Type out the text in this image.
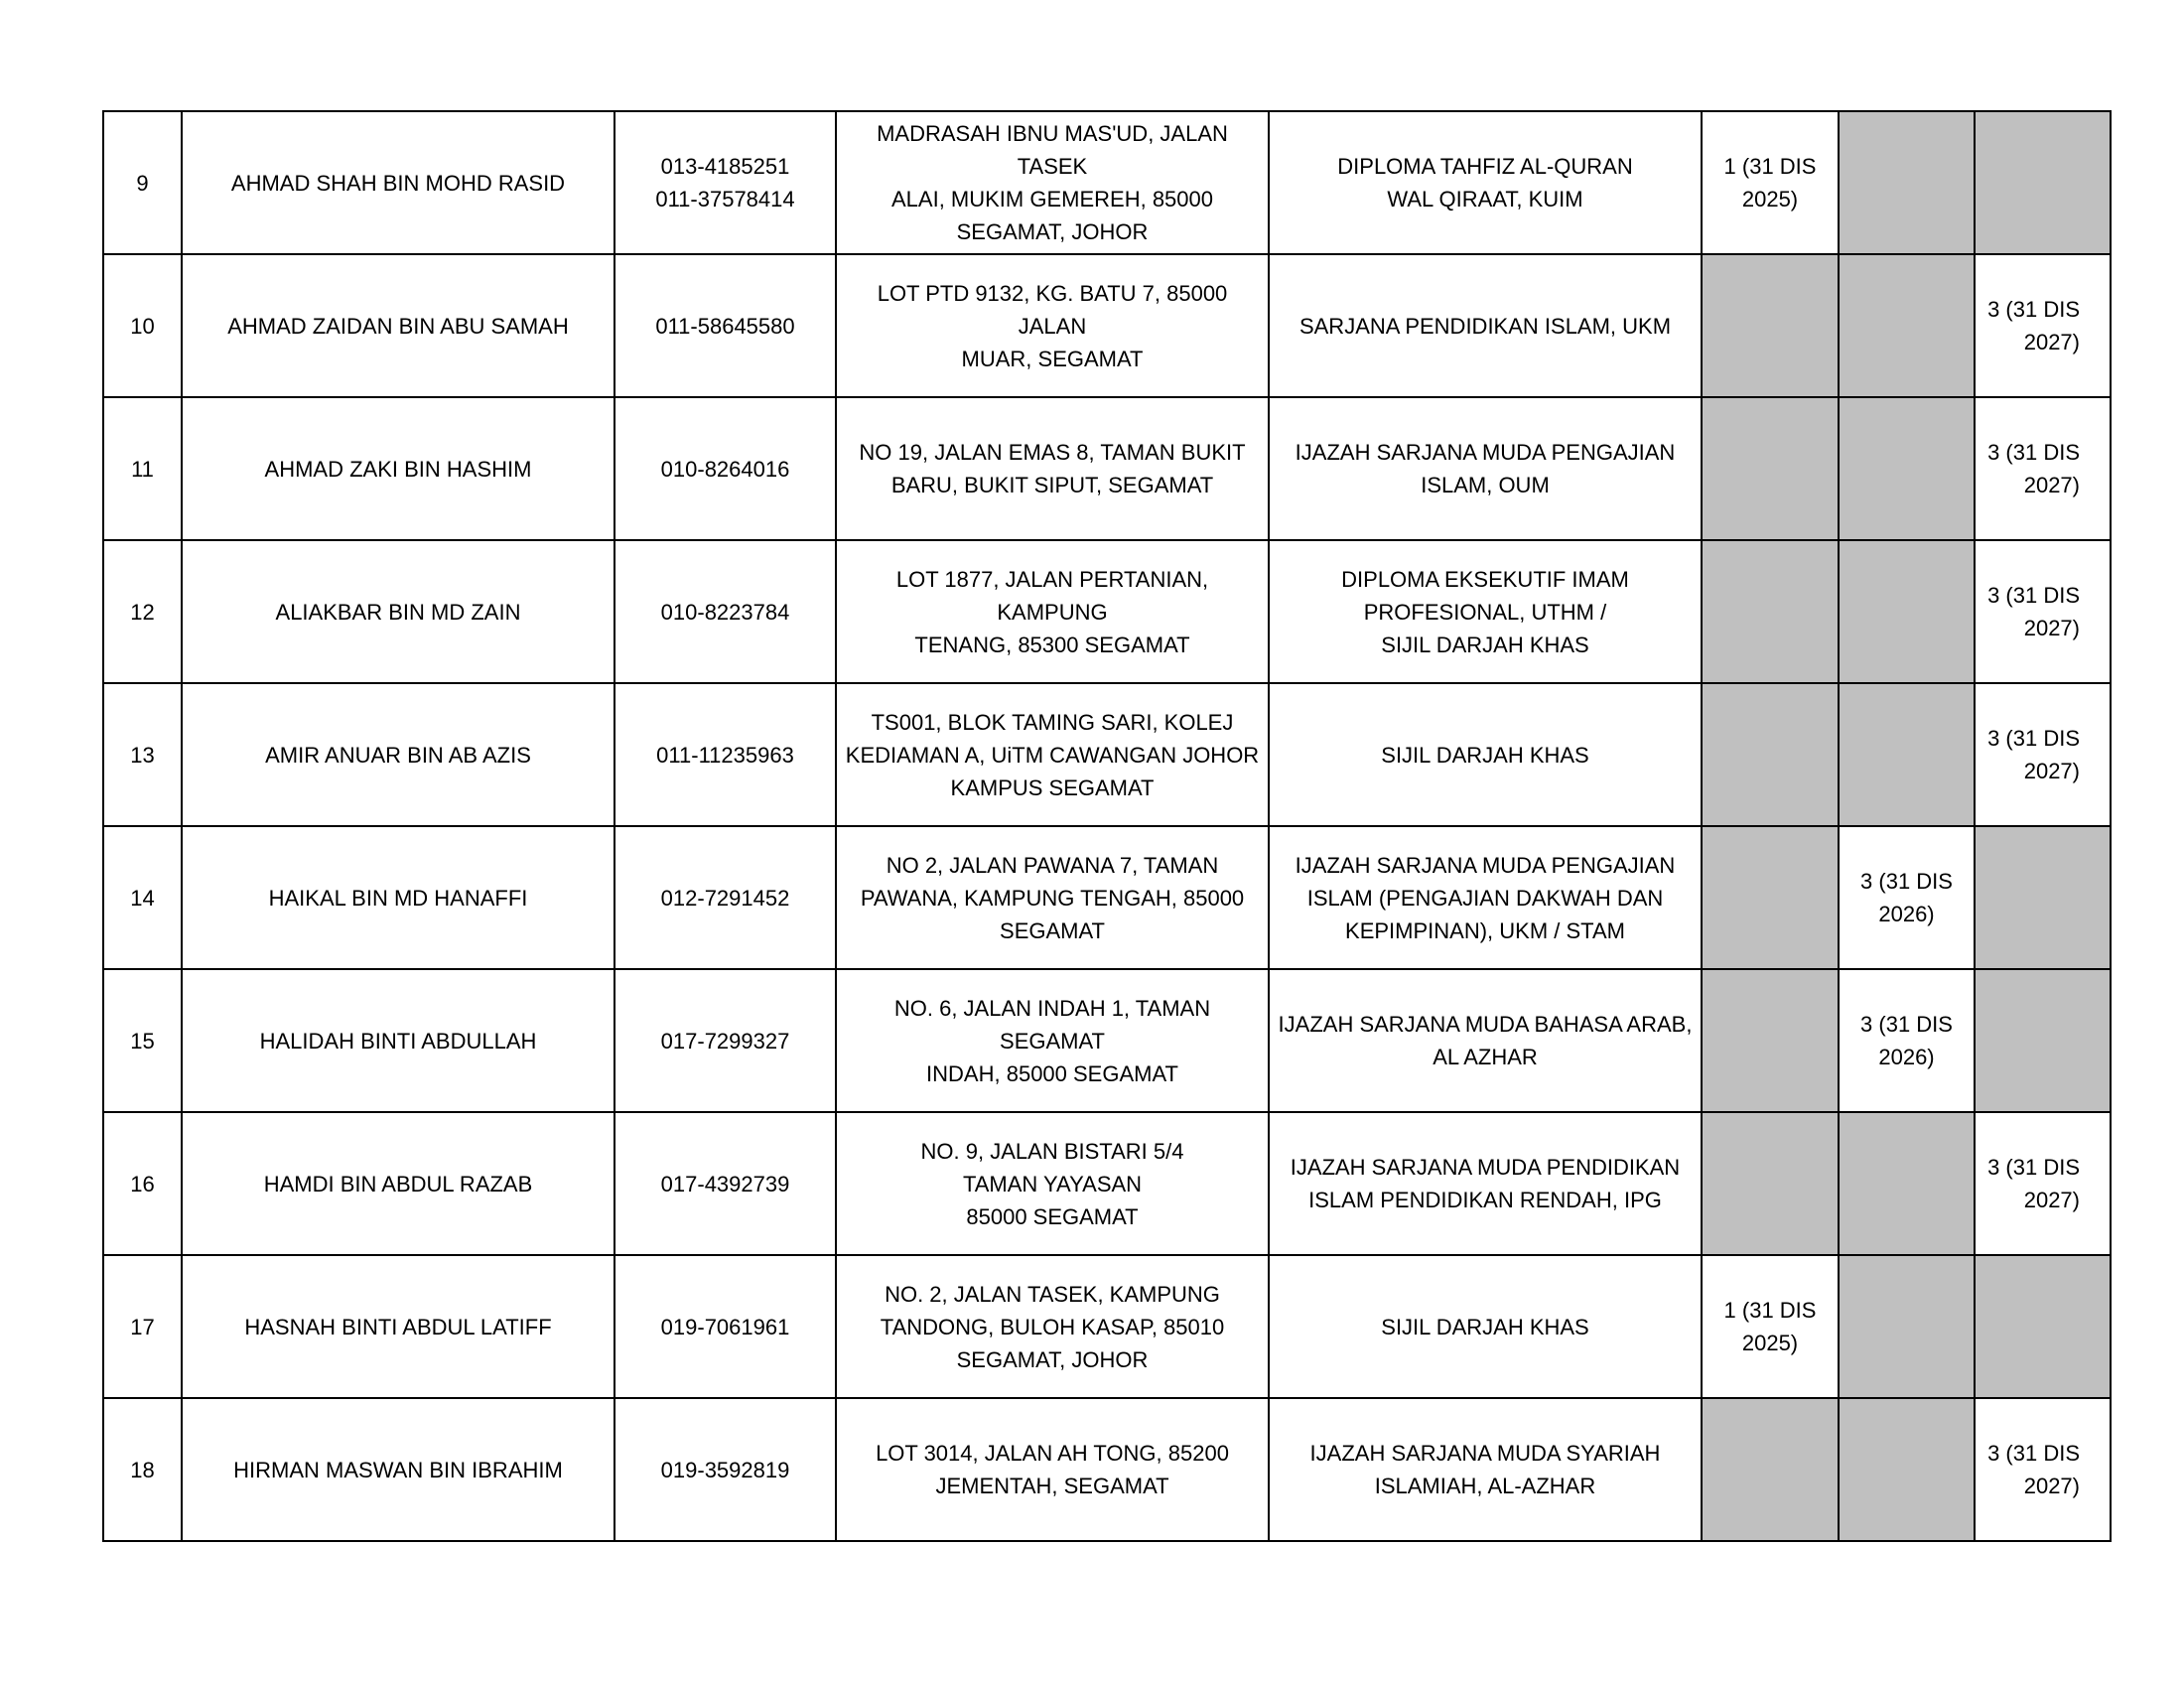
9	AHMAD SHAH BIN MOHD RASID	013-4185251
011-37578414	MADRASAH IBNU MAS'UD, JALAN TASEK
ALAI, MUKIM GEMEREH, 85000
SEGAMAT, JOHOR	DIPLOMA TAHFIZ AL-QURAN
WAL QIRAAT, KUIM	1 (31 DIS
2025)		
10	AHMAD ZAIDAN BIN ABU SAMAH	011-58645580	LOT PTD 9132, KG. BATU 7, 85000 JALAN
MUAR, SEGAMAT	SARJANA PENDIDIKAN ISLAM, UKM			3 (31 DIS
2027)
11	AHMAD ZAKI BIN HASHIM	010-8264016	NO 19, JALAN EMAS 8, TAMAN BUKIT
BARU, BUKIT SIPUT, SEGAMAT	IJAZAH SARJANA MUDA PENGAJIAN
ISLAM, OUM			3 (31 DIS
2027)
12	ALIAKBAR BIN MD ZAIN	010-8223784	LOT 1877, JALAN PERTANIAN, KAMPUNG
TENANG, 85300 SEGAMAT	DIPLOMA EKSEKUTIF IMAM
PROFESIONAL, UTHM /
SIJIL DARJAH KHAS			3 (31 DIS
2027)
13	AMIR ANUAR BIN AB AZIS	011-11235963	TS001, BLOK TAMING SARI, KOLEJ
KEDIAMAN A, UiTM CAWANGAN JOHOR
KAMPUS SEGAMAT	SIJIL DARJAH KHAS			3 (31 DIS
2027)
14	HAIKAL BIN MD HANAFFI	012-7291452	NO 2, JALAN PAWANA 7, TAMAN
PAWANA, KAMPUNG TENGAH, 85000
SEGAMAT	IJAZAH SARJANA MUDA PENGAJIAN
ISLAM (PENGAJIAN DAKWAH DAN
KEPIMPINAN), UKM / STAM		3 (31 DIS
2026)	
15	HALIDAH BINTI ABDULLAH	017-7299327	NO. 6, JALAN INDAH 1, TAMAN SEGAMAT
INDAH, 85000 SEGAMAT	IJAZAH SARJANA MUDA BAHASA ARAB,
AL AZHAR		3 (31 DIS
2026)	
16	HAMDI BIN ABDUL RAZAB	017-4392739	NO. 9, JALAN BISTARI 5/4
TAMAN YAYASAN
85000 SEGAMAT	IJAZAH SARJANA MUDA PENDIDIKAN
ISLAM PENDIDIKAN RENDAH, IPG			3 (31 DIS
2027)
17	HASNAH BINTI ABDUL LATIFF	019-7061961	NO. 2, JALAN TASEK, KAMPUNG
TANDONG, BULOH KASAP, 85010
SEGAMAT, JOHOR	SIJIL DARJAH KHAS	1 (31 DIS
2025)		
18	HIRMAN MASWAN BIN IBRAHIM	019-3592819	LOT 3014, JALAN AH TONG, 85200
JEMENTAH, SEGAMAT	IJAZAH SARJANA MUDA SYARIAH
ISLAMIAH, AL-AZHAR			3 (31 DIS
2027)
